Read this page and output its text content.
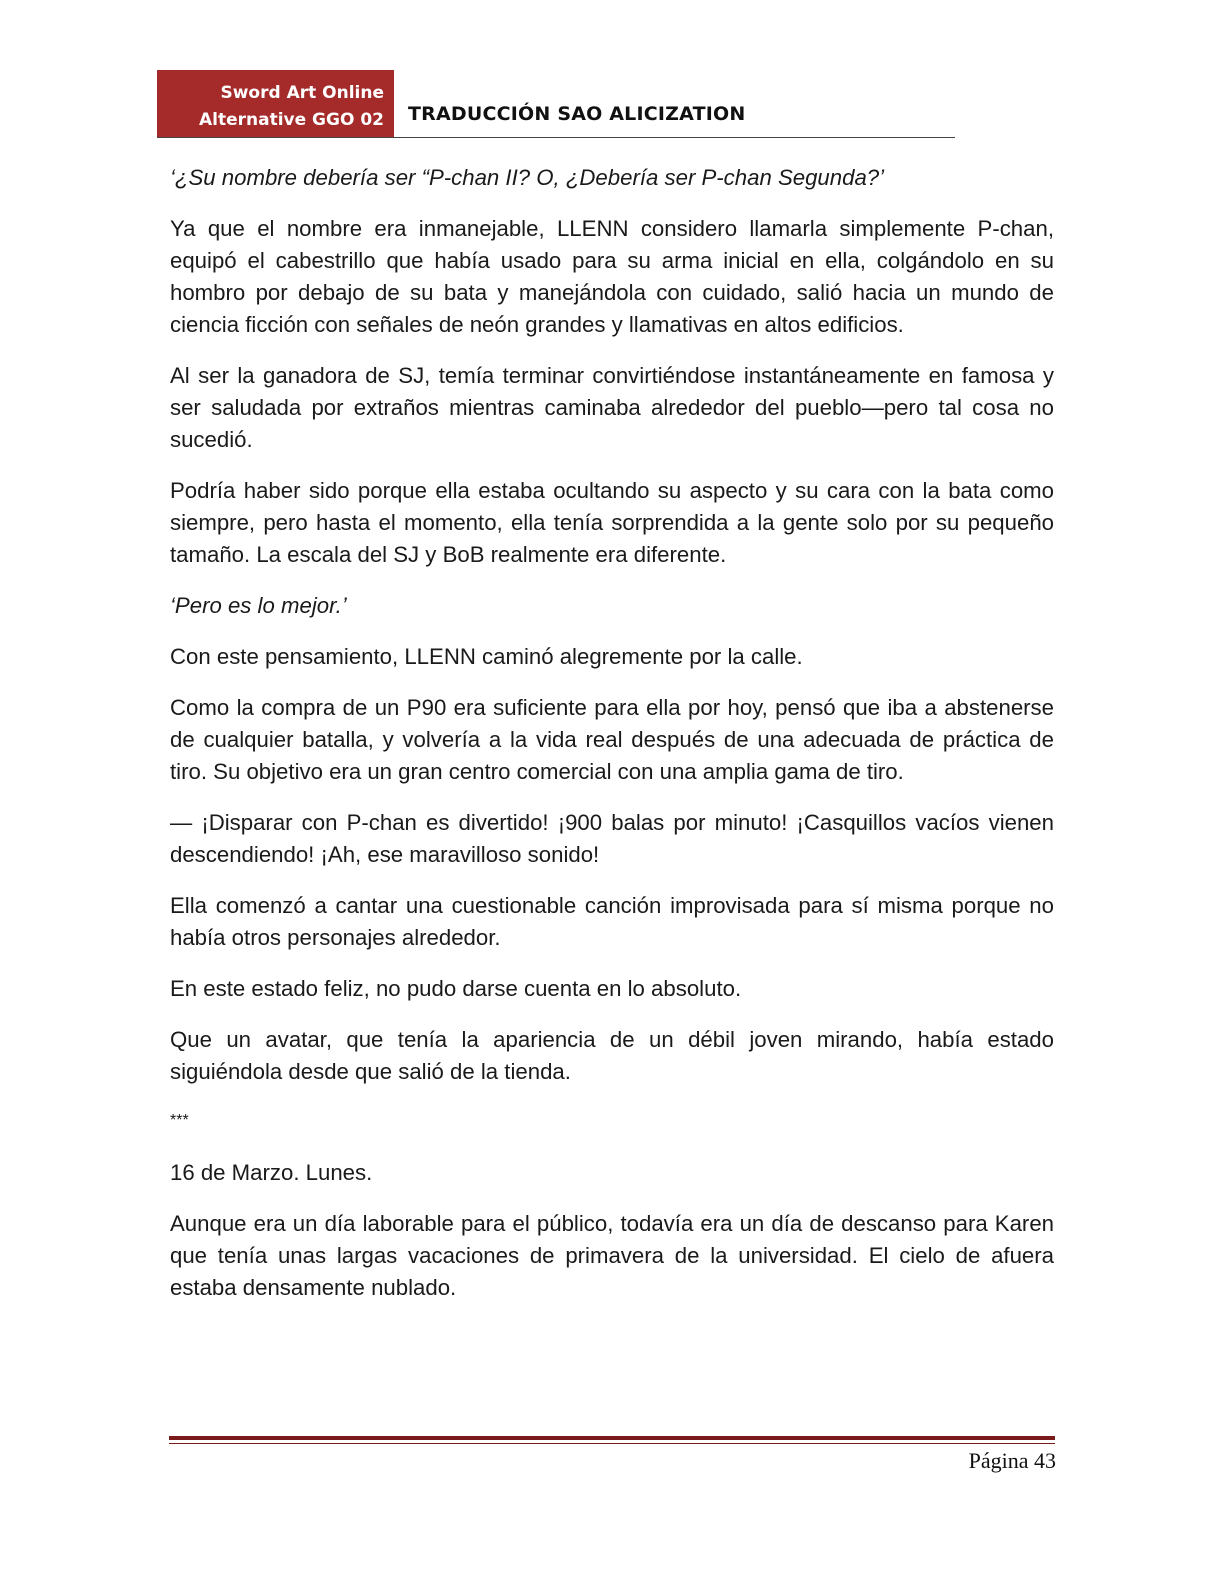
Sword Art Online
Alternative GGO 02 TRADUCCIÓN SAO ALICIZATION

‘¿Su nombre debería ser “P-chan II? O, ¿Debería ser P-chan Segunda?’

Ya que el nombre era inmanejable, LLENN considero llamarla simplemente P-chan, equipó el cabestrillo que había usado para su arma inicial en ella, colgándolo en su hombro por debajo de su bata y manejándola con cuidado, salió hacia un mundo de ciencia ficción con señales de neón grandes y llamativas en altos edificios.

Al ser la ganadora de SJ, temía terminar convirtiéndose instantáneamente en famosa y ser saludada por extraños mientras caminaba alrededor del pueblo—pero tal cosa no sucedió.

Podría haber sido porque ella estaba ocultando su aspecto y su cara con la bata como siempre, pero hasta el momento, ella tenía sorprendida a la gente solo por su pequeño tamaño. La escala del SJ y BoB realmente era diferente.

‘Pero es lo mejor.’

Con este pensamiento, LLENN caminó alegremente por la calle.

Como la compra de un P90 era suficiente para ella por hoy, pensó que iba a abstenerse de cualquier batalla, y volvería a la vida real después de una adecuada de práctica de tiro. Su objetivo era un gran centro comercial con una amplia gama de tiro.

— ¡Disparar con P-chan es divertido! ¡900 balas por minuto! ¡Casquillos vacíos vienen descendiendo! ¡Ah, ese maravilloso sonido!

Ella comenzó a cantar una cuestionable canción improvisada para sí misma porque no había otros personajes alrededor.

En este estado feliz, no pudo darse cuenta en lo absoluto.

Que un avatar, que tenía la apariencia de un débil joven mirando, había estado siguiéndola desde que salió de la tienda.

***

16 de Marzo. Lunes.

Aunque era un día laborable para el público, todavía era un día de descanso para Karen que tenía unas largas vacaciones de primavera de la universidad. El cielo de afuera estaba densamente nublado.

Página 43
